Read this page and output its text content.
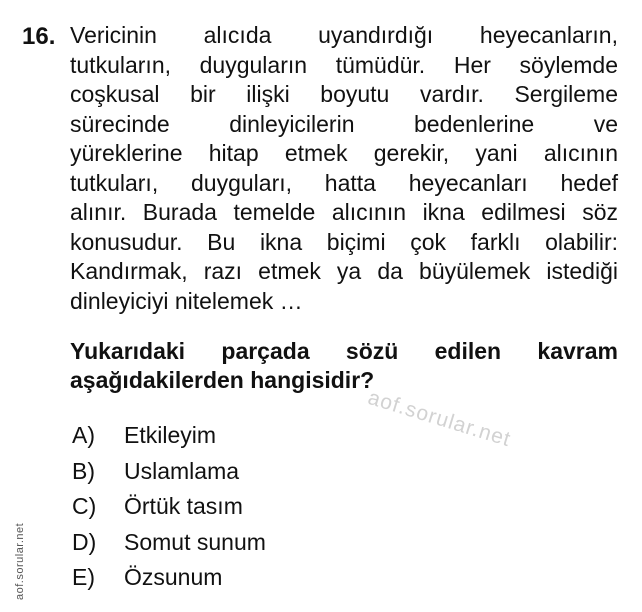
16. Vericinin alıcıda uyandırdığı heyecanların,
tutkuların, duyguların tümüdür. Her söylemde
coşkusal bir ilişki boyutu vardır. Sergileme
sürecinde dinleyicilerin bedenlerine ve
yüreklerine hitap etmek gerekir, yani alıcının
tutkuları, duyguları, hatta heyecanları hedef
alınır. Burada temelde alıcının ikna edilmesi söz
konusudur. Bu ikna biçimi çok farklı olabilir:
Kandırmak, razı etmek ya da büyülemek istediği
dinleyiciyi nitelemek …
Yukarıdaki parçada sözü edilen kavram
aşağıdakilerden hangisidir?
aof.sorular.net
A)	Etkileyim
B)	Uslamlama
C)	Örtük tasım
D)	Somut sunum
E)	Özsunum
aof.sorular.net
